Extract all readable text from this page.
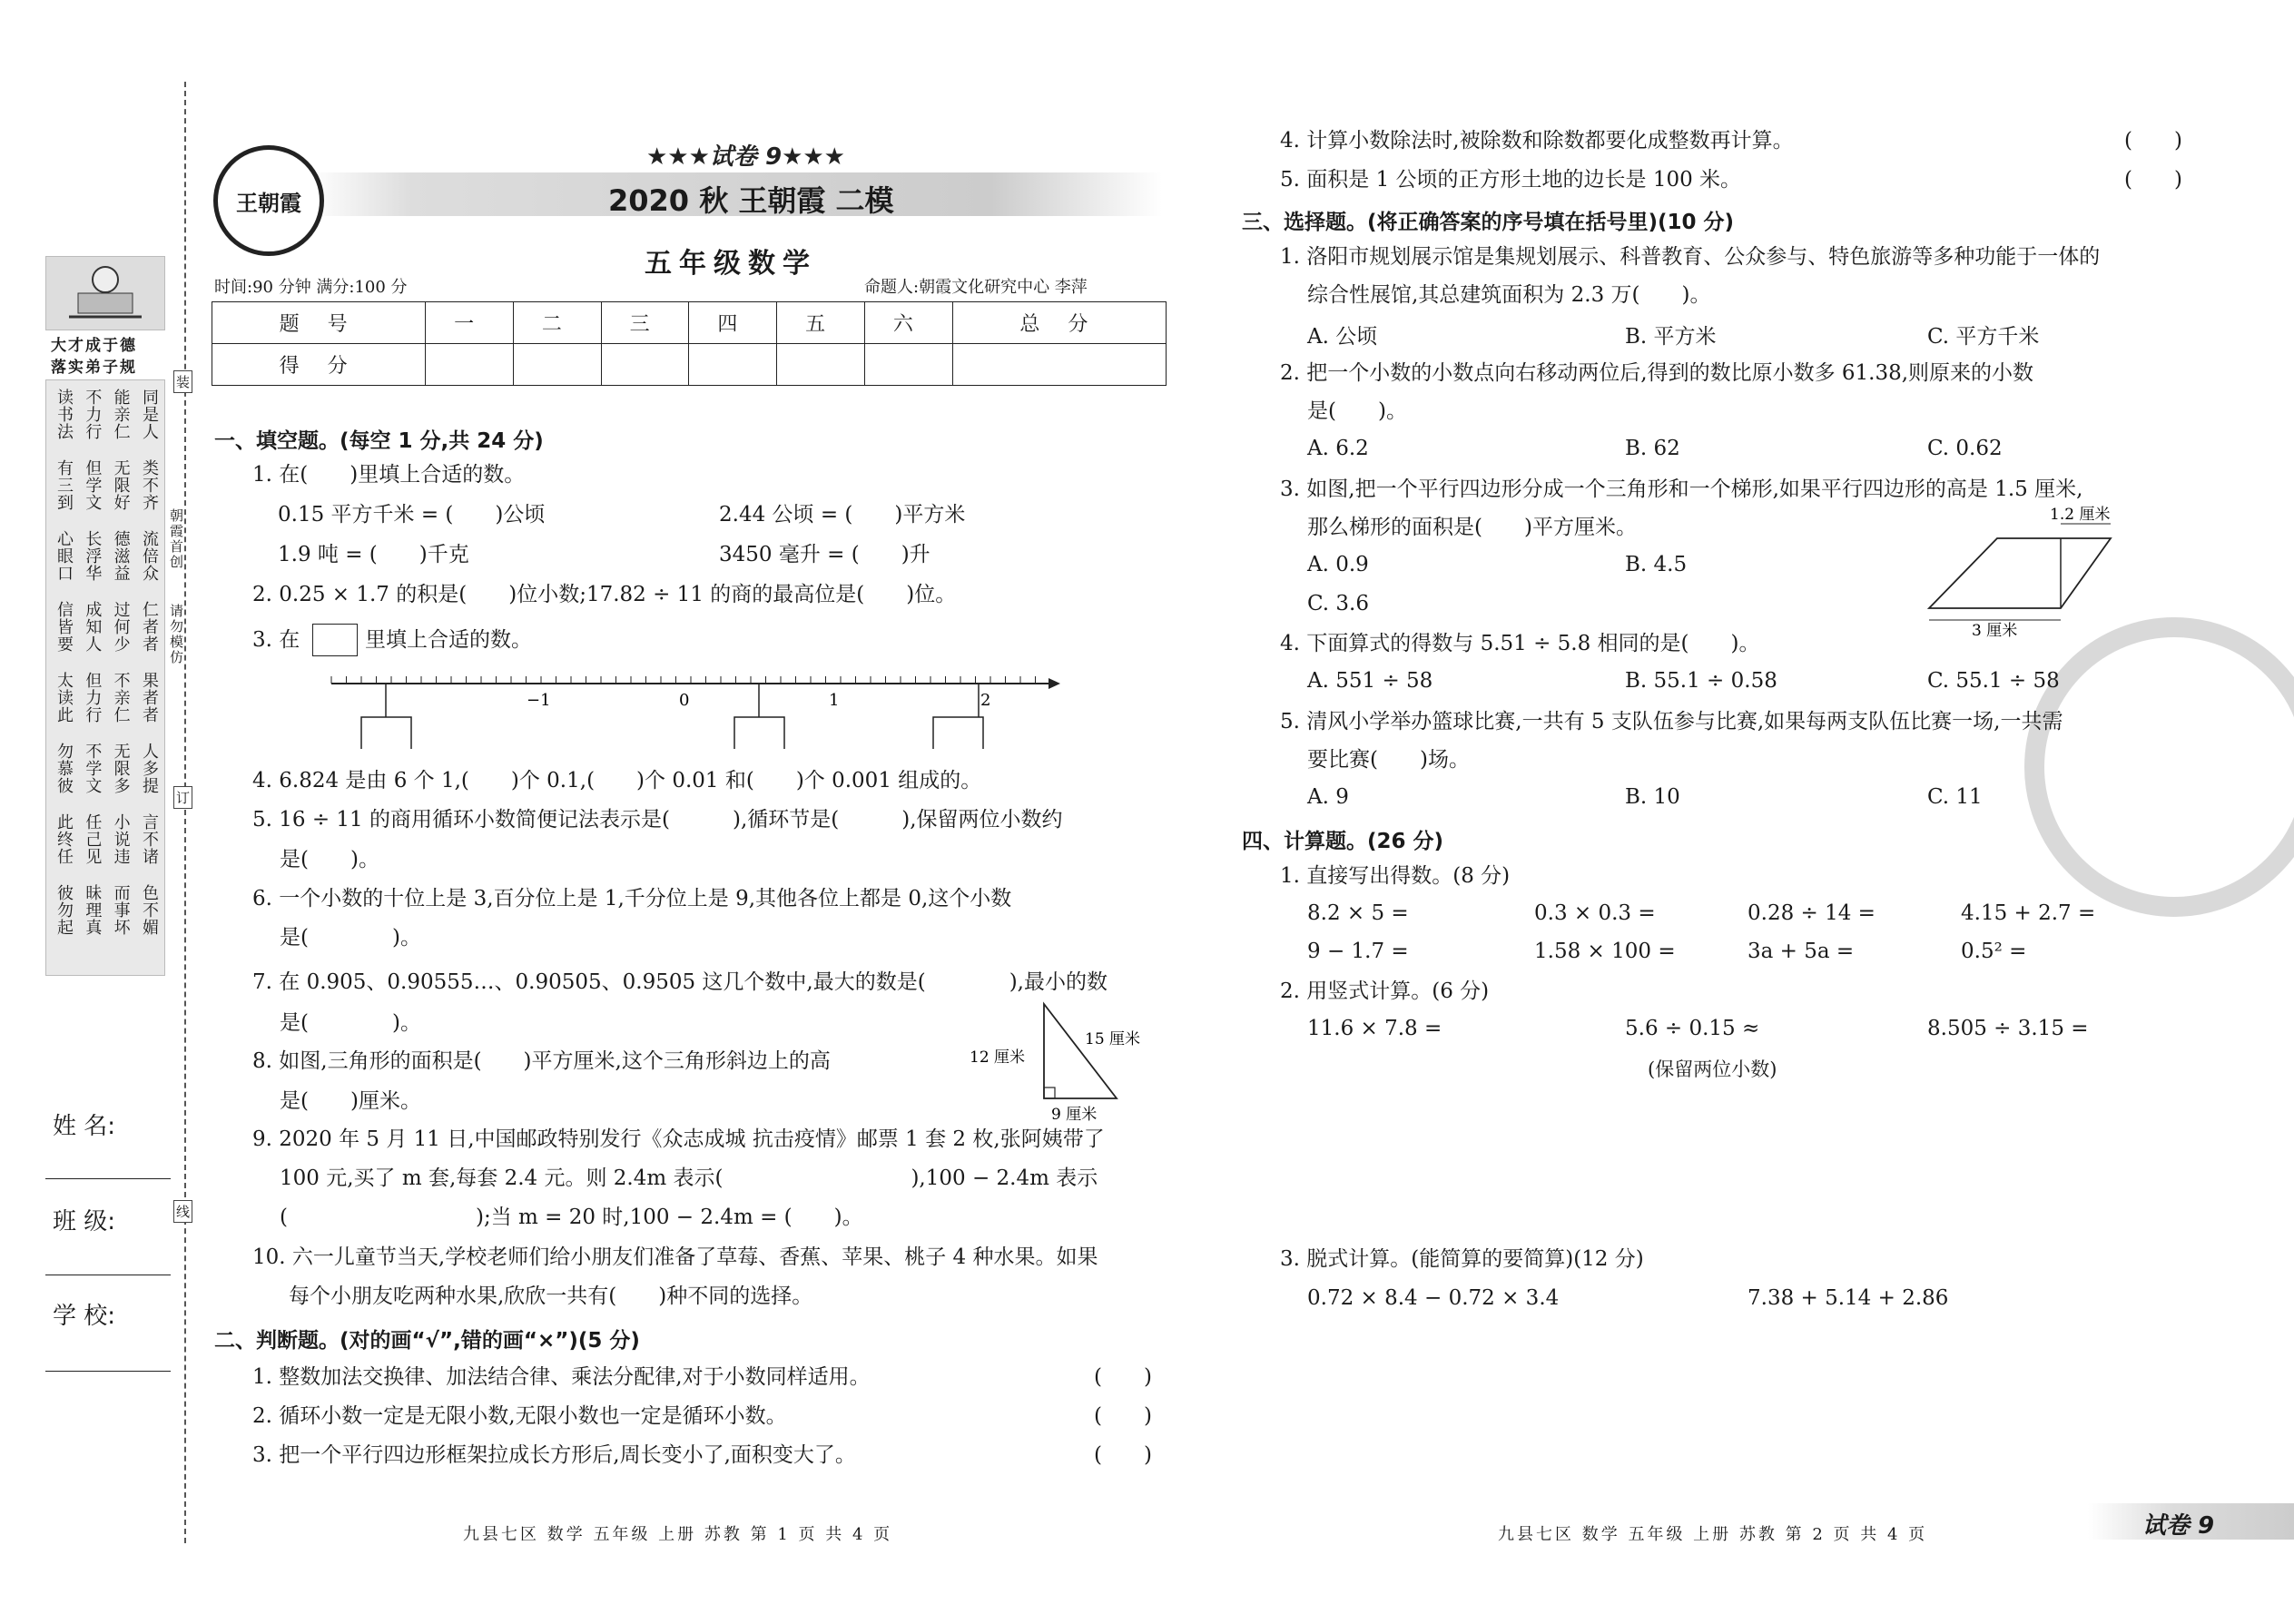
大才成于德
落实弟子规
读书法 不力行 能亲仁 同是人
有三到 但学文 无限好 类不齐
心眼口 长浮华 德滋益 流倍众
信皆要 成知人 过何少 仁者者
太读此 但力行 不亲仁 果者者
勿慕彼 不学文 无限多 人多提
此终任 任己见 小说违 言不诸
彼勿起 昧理真 而事坏 色不媚
朝霞首创
请勿模仿
装
订
线
姓 名:
班 级:
学 校:
王朝霞
★★★试卷 9★★★
2020 秋 王朝霞 二模
五年级数学
时间:90 分钟 满分:100 分	命题人:朝霞文化研究中心 李萍
题 号	一	二	三	四	五	六	总 分
得 分							
一、填空题。(每空 1 分,共 24 分)
1. 在(　　)里填上合适的数。
0.15 平方千米 = (　　)公顷	2.44 公顷 = (　　)平方米
1.9 吨 = (　　)千克	3450 毫升 = (　　)升
2. 0.25 × 1.7 的积是(　　)位小数;17.82 ÷ 11 的商的最高位是(　　)位。
3. 在	里填上合适的数。
−1	0	1	2
4. 6.824 是由 6 个 1,(　　)个 0.1,(　　)个 0.01 和(　　)个 0.001 组成的。
5. 16 ÷ 11 的商用循环小数简便记法表示是(　　　),循环节是(　　　),保留两位小数约
是(　　)。
6. 一个小数的十位上是 3,百分位上是 1,千分位上是 9,其他各位上都是 0,这个小数
是(　　　　)。
7. 在 0.905、0.90555…、0.90505、0.9505 这几个数中,最大的数是(　　　　),最小的数
是(　　　　)。
8. 如图,三角形的面积是(　　)平方厘米,这个三角形斜边上的高
是(　　)厘米。
12 厘米
15 厘米
9 厘米
9. 2020 年 5 月 11 日,中国邮政特别发行《众志成城 抗击疫情》邮票 1 套 2 枚,张阿姨带了
100 元,买了 m 套,每套 2.4 元。则 2.4m 表示(　　　　　　　　　),100 − 2.4m 表示
(　　　　　　　　　);当 m = 20 时,100 − 2.4m = (　　)。
10. 六一儿童节当天,学校老师们给小朋友们准备了草莓、香蕉、苹果、桃子 4 种水果。如果
每个小朋友吃两种水果,欣欣一共有(　　)种不同的选择。
二、判断题。(对的画“√”,错的画“×”)(5 分)
1. 整数加法交换律、加法结合律、乘法分配律,对于小数同样适用。	(　　)
2. 循环小数一定是无限小数,无限小数也一定是循环小数。	(　　)
3. 把一个平行四边形框架拉成长方形后,周长变小了,面积变大了。	(　　)
九县七区 数学 五年级 上册 苏教 第 1 页 共 4 页
4. 计算小数除法时,被除数和除数都要化成整数再计算。	(　　)
5. 面积是 1 公顷的正方形土地的边长是 100 米。	(　　)
三、选择题。(将正确答案的序号填在括号里)(10 分)
1. 洛阳市规划展示馆是集规划展示、科普教育、公众参与、特色旅游等多种功能于一体的
综合性展馆,其总建筑面积为 2.3 万(　　)。
A. 公顷	B. 平方米	C. 平方千米
2. 把一个小数的小数点向右移动两位后,得到的数比原小数多 61.38,则原来的小数
是(　　)。
A. 6.2	B. 62	C. 0.62
3. 如图,把一个平行四边形分成一个三角形和一个梯形,如果平行四边形的高是 1.5 厘米,
那么梯形的面积是(　　)平方厘米。
A. 0.9	B. 4.5
C. 3.6
1.2 厘米
3 厘米
4. 下面算式的得数与 5.51 ÷ 5.8 相同的是(　　)。
A. 551 ÷ 58	B. 55.1 ÷ 0.58	C. 55.1 ÷ 58
5. 清风小学举办篮球比赛,一共有 5 支队伍参与比赛,如果每两支队伍比赛一场,一共需
要比赛(　　)场。
A. 9	B. 10	C. 11
四、计算题。(26 分)
1. 直接写出得数。(8 分)
8.2 × 5 =	0.3 × 0.3 =	0.28 ÷ 14 =	4.15 + 2.7 =
9 − 1.7 =	1.58 × 100 =	3a + 5a =	0.5² =
2. 用竖式计算。(6 分)
11.6 × 7.8 =	5.6 ÷ 0.15 ≈	8.505 ÷ 3.15 =
(保留两位小数)
3. 脱式计算。(能简算的要简算)(12 分)
0.72 × 8.4 − 0.72 × 3.4	7.38 + 5.14 + 2.86
九县七区 数学 五年级 上册 苏教 第 2 页 共 4 页	试卷 9
